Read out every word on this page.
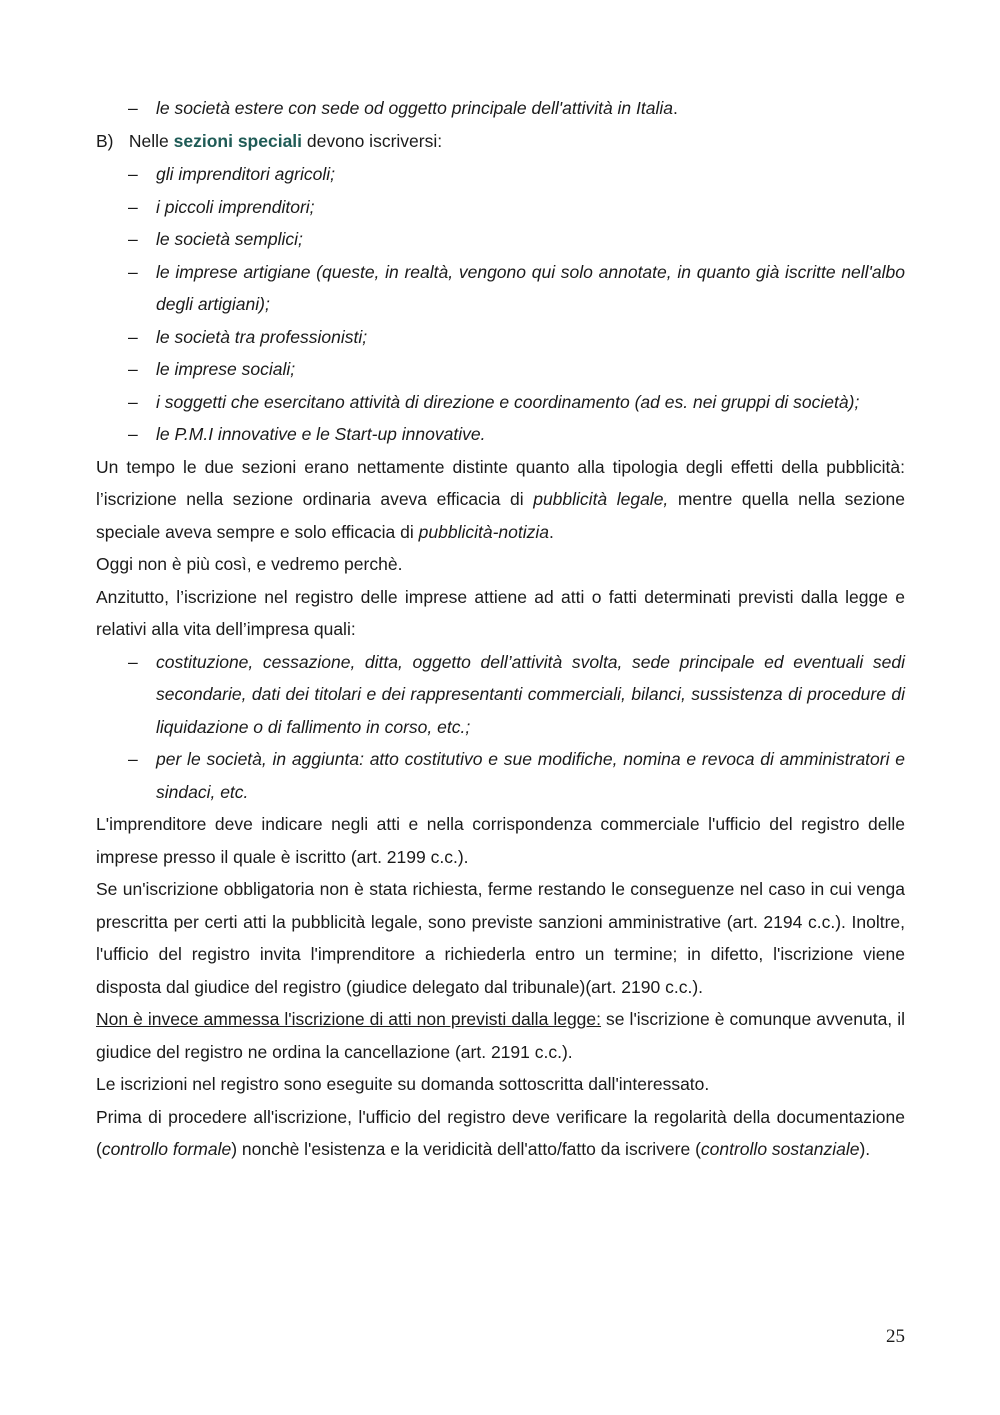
–	le società estere con sede od oggetto principale dell'attività in Italia.

B) Nelle sezioni speciali devono iscriversi:

–	gli imprenditori agricoli;
–	i piccoli imprenditori;
–	le società semplici;
–	le imprese artigiane (queste, in realtà, vengono qui solo annotate, in quanto già iscritte nell'albo degli artigiani);
–	le società tra professionisti;
–	le imprese sociali;
–	i soggetti che esercitano attività di direzione e coordinamento (ad es. nei gruppi di società);
–	le P.M.I innovative e le Start-up innovative.

Un tempo le due sezioni erano nettamente distinte quanto alla tipologia degli effetti della pubblicità: l’iscrizione nella sezione ordinaria aveva efficacia di pubblicità legale, mentre quella nella sezione speciale aveva sempre e solo efficacia di pubblicità-notizia.

Oggi non è più così, e vedremo perchè.

Anzitutto, l’iscrizione nel registro delle imprese attiene ad atti o fatti determinati previsti dalla legge e relativi alla vita dell’impresa quali:

–	costituzione, cessazione, ditta, oggetto dell’attività svolta, sede principale ed eventuali sedi secondarie, dati dei titolari e dei rappresentanti commerciali, bilanci, sussistenza di procedure di liquidazione o di fallimento in corso, etc.;
–	per le società, in aggiunta: atto costitutivo e sue modifiche, nomina e revoca di amministratori e sindaci, etc.

L'imprenditore deve indicare negli atti e nella corrispondenza commerciale l'ufficio del registro delle imprese presso il quale è iscritto (art. 2199 c.c.).

Se un'iscrizione obbligatoria non è stata richiesta, ferme restando le conseguenze nel caso in cui venga prescritta per certi atti la pubblicità legale, sono previste sanzioni amministrative (art. 2194 c.c.). Inoltre, l'ufficio del registro invita l'imprenditore a richiederla entro un termine; in difetto, l'iscrizione viene disposta dal giudice del registro (giudice delegato dal tribunale)(art. 2190 c.c.).

Non è invece ammessa l'iscrizione di atti non previsti dalla legge: se l'iscrizione è comunque avvenuta, il giudice del registro ne ordina la cancellazione (art. 2191 c.c.).

Le iscrizioni nel registro sono eseguite su domanda sottoscritta dall'interessato.

Prima di procedere all'iscrizione, l'ufficio del registro deve verificare la regolarità della documentazione (controllo formale) nonchè l'esistenza e la veridicità dell'atto/fatto da iscrivere (controllo sostanziale).

25
